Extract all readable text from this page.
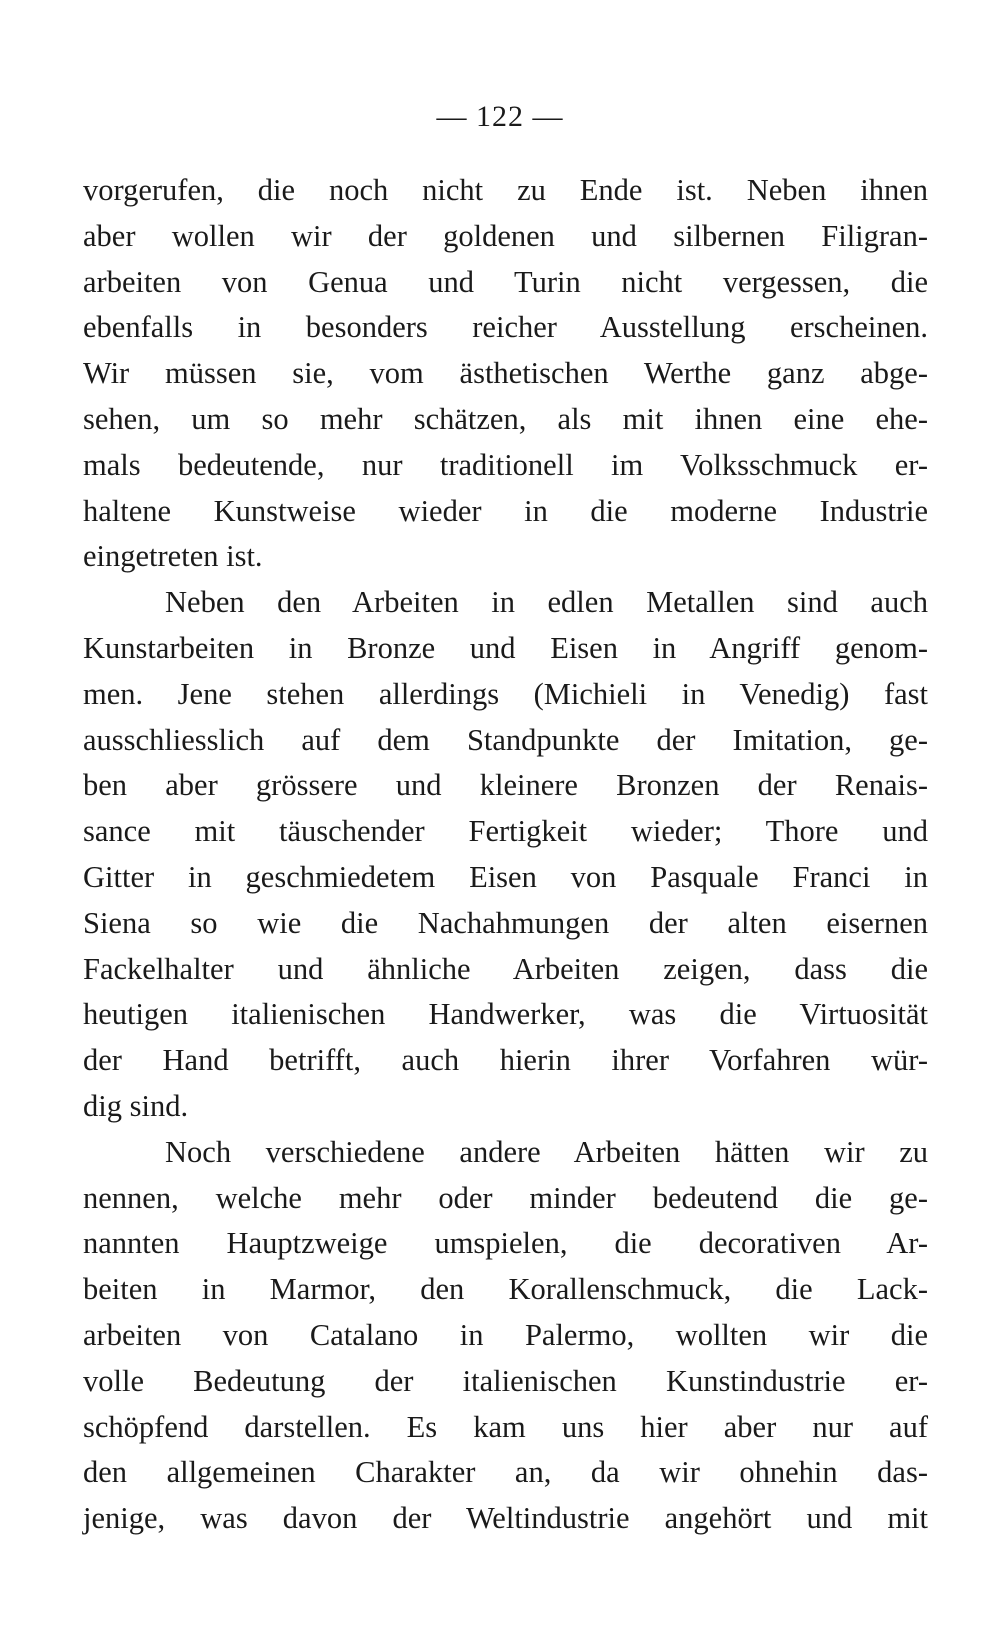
— 122 —
vorgerufen, die noch nicht zu Ende ist. Neben ihnen
aber wollen wir der goldenen und silbernen Filigran-
arbeiten von Genua und Turin nicht vergessen, die
ebenfalls in besonders reicher Ausstellung erscheinen.
Wir müssen sie, vom ästhetischen Werthe ganz abge-
sehen, um so mehr schätzen, als mit ihnen eine ehe-
mals bedeutende, nur traditionell im Volksschmuck er-
haltene Kunstweise wieder in die moderne Industrie
eingetreten ist.
Neben den Arbeiten in edlen Metallen sind auch
Kunstarbeiten in Bronze und Eisen in Angriff genom-
men. Jene stehen allerdings (Michieli in Venedig) fast
ausschliesslich auf dem Standpunkte der Imitation, ge-
ben aber grössere und kleinere Bronzen der Renais-
sance mit täuschender Fertigkeit wieder; Thore und
Gitter in geschmiedetem Eisen von Pasquale Franci in
Siena so wie die Nachahmungen der alten eisernen
Fackelhalter und ähnliche Arbeiten zeigen, dass die
heutigen italienischen Handwerker, was die Virtuosität
der Hand betrifft, auch hierin ihrer Vorfahren wür-
dig sind.
Noch verschiedene andere Arbeiten hätten wir zu
nennen, welche mehr oder minder bedeutend die ge-
nannten Hauptzweige umspielen, die decorativen Ar-
beiten in Marmor, den Korallenschmuck, die Lack-
arbeiten von Catalano in Palermo, wollten wir die
volle Bedeutung der italienischen Kunstindustrie er-
schöpfend darstellen. Es kam uns hier aber nur auf
den allgemeinen Charakter an, da wir ohnehin das-
jenige, was davon der Weltindustrie angehört und mit
